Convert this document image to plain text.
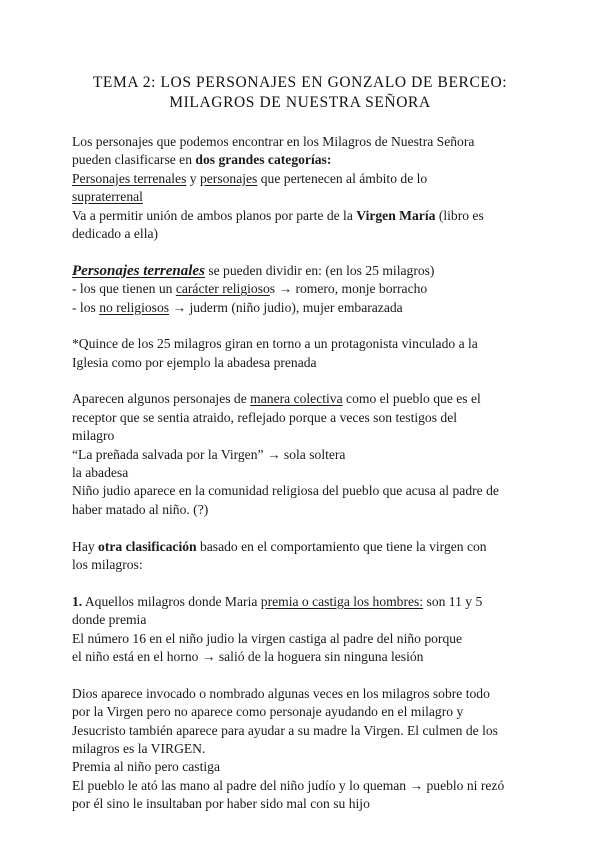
TEMA 2: LOS PERSONAJES EN GONZALO DE BERCEO:
MILAGROS DE NUESTRA SEÑORA
Los personajes que podemos encontrar en los Milagros de Nuestra Señora
pueden clasificarse en dos grandes categorías:
Personajes terrenales y personajes que pertenecen al ámbito de lo
supraterrenal
Va a permitir unión de ambos planos por parte de la Virgen María (libro es
dedicado a ella)
Personajes terrenales se pueden dividir en: (en los 25 milagros)
- los que tienen un carácter religiosos → romero, monje borracho
- los no religiosos → juderm (niño judio), mujer embarazada
*Quince de los 25 milagros giran en torno a un protagonista vinculado a la
Iglesia como por ejemplo la abadesa prenada
Aparecen algunos personajes de manera colectiva como el pueblo que es el
receptor que se sentia atraido, reflejado porque a veces son testigos del
milagro
“La preñada salvada por la Virgen” → sola soltera
la abadesa
Niño judio aparece en la comunidad religiosa del pueblo que acusa al padre de
haber matado al niño. (?)
Hay otra clasificación basado en el comportamiento que tiene la virgen con
los milagros:
1. Aquellos milagros donde Maria premia o castiga los hombres: son 11 y 5
donde premia
El número 16 en el niño judio la virgen castiga al padre del niño porque
el niño está en el horno → salió de la hoguera sin ninguna lesión
Dios aparece invocado o nombrado algunas veces en los milagros sobre todo
por la Virgen pero no aparece como personaje ayudando en el milagro y
Jesucristo también aparece para ayudar a su madre la Virgen. El culmen de los
milagros es la VIRGEN.
Premia al niño pero castiga
El pueblo le ató las mano al padre del niño judío y lo queman → pueblo ni rezó
por él sino le insultaban por haber sido mal con su hijo
